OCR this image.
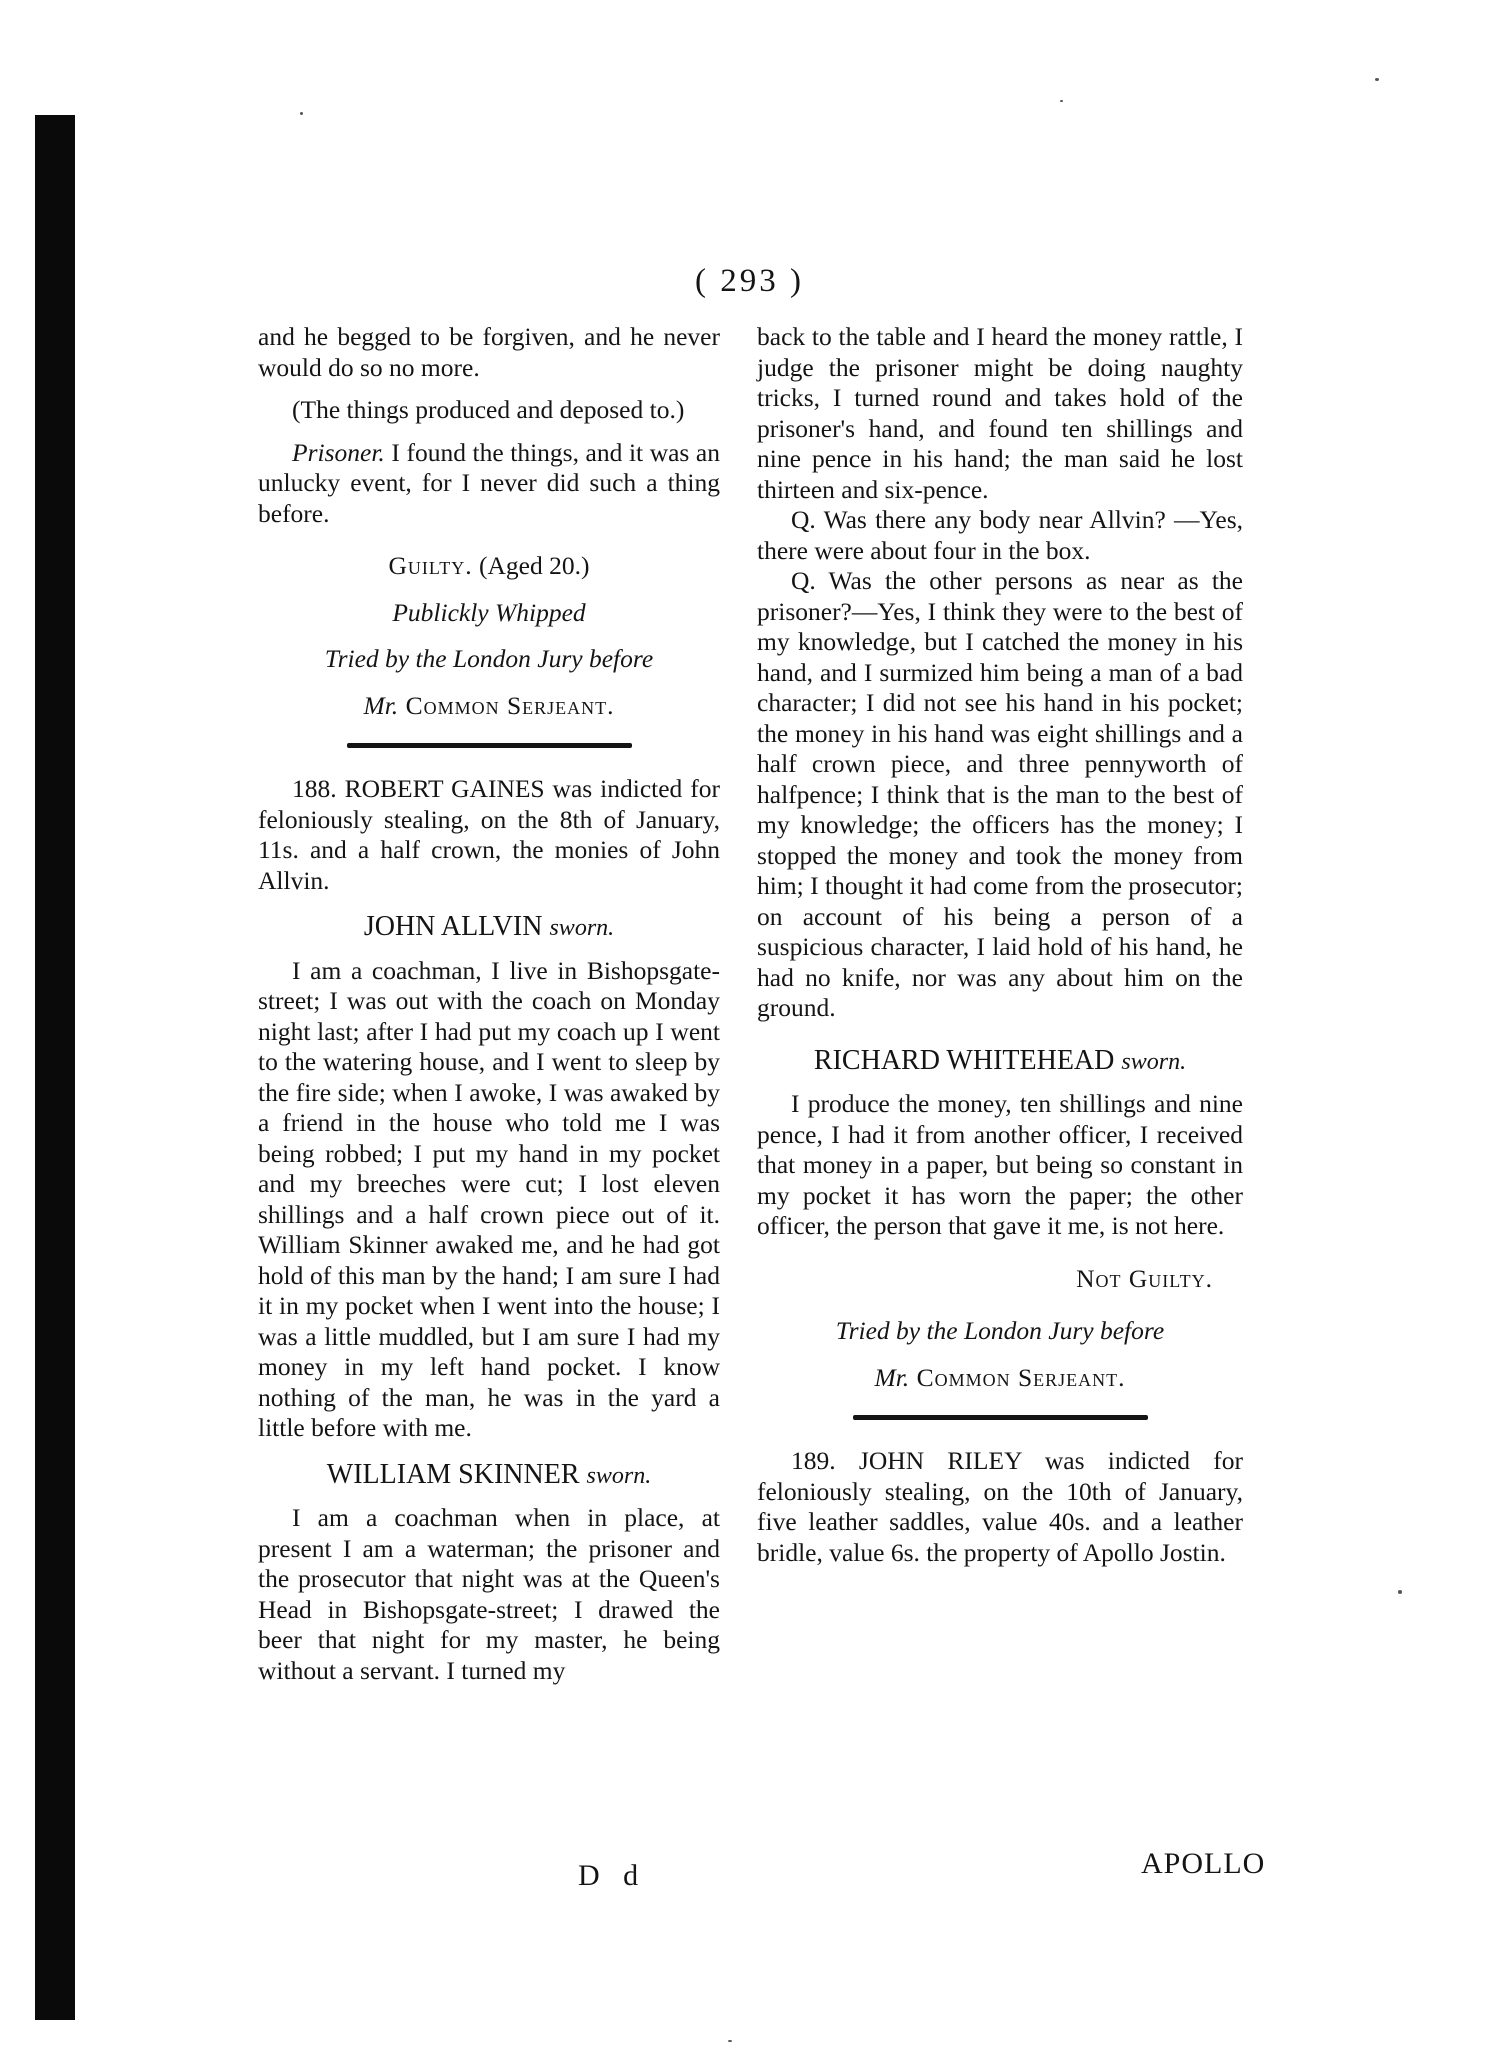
( 293 )

and he begged to be forgiven, and he never would do so no more.

(The things produced and deposed to.)

Prisoner. I found the things, and it was an unlucky event, for I never did such a thing before.

Guilty. (Aged 20.)

Publickly Whipped

Tried by the London Jury before

Mr. Common Serjeant.

188. ROBERT GAINES was indicted for feloniously stealing, on the 8th of January, 11s. and a half crown, the monies of John Allvin.

JOHN ALLVIN sworn.

I am a coachman, I live in Bishopsgate-street; I was out with the coach on Monday night last; after I had put my coach up I went to the watering house, and I went to sleep by the fire side; when I awoke, I was awaked by a friend in the house who told me I was being robbed; I put my hand in my pocket and my breeches were cut; I lost eleven shillings and a half crown piece out of it. William Skinner awaked me, and he had got hold of this man by the hand; I am sure I had it in my pocket when I went into the house; I was a little muddled, but I am sure I had my money in my left hand pocket. I know nothing of the man, he was in the yard a little before with me.

WILLIAM SKINNER sworn.

I am a coachman when in place, at present I am a waterman; the prisoner and the prosecutor that night was at the Queen's Head in Bishopsgate-street; I drawed the beer that night for my master, he being without a servant. I turned my

back to the table and I heard the money rattle, I judge the prisoner might be doing naughty tricks, I turned round and takes hold of the prisoner's hand, and found ten shillings and nine pence in his hand; the man said he lost thirteen and six-pence.

Q. Was there any body near Allvin? —Yes, there were about four in the box.

Q. Was the other persons as near as the prisoner?—Yes, I think they were to the best of my knowledge, but I catched the money in his hand, and I surmized him being a man of a bad character; I did not see his hand in his pocket; the money in his hand was eight shillings and a half crown piece, and three pennyworth of halfpence; I think that is the man to the best of my knowledge; the officers has the money; I stopped the money and took the money from him; I thought it had come from the prosecutor; on account of his being a person of a suspicious character, I laid hold of his hand, he had no knife, nor was any about him on the ground.

RICHARD WHITEHEAD sworn.

I produce the money, ten shillings and nine pence, I had it from another officer, I received that money in a paper, but being so constant in my pocket it has worn the paper; the other officer, the person that gave it me, is not here.

Not Guilty.

Tried by the London Jury before

Mr. Common Serjeant.

189. JOHN RILEY was indicted for feloniously stealing, on the 10th of January, five leather saddles, value 40s. and a leather bridle, value 6s. the property of Apollo Jostin.

D d	APOLLO
